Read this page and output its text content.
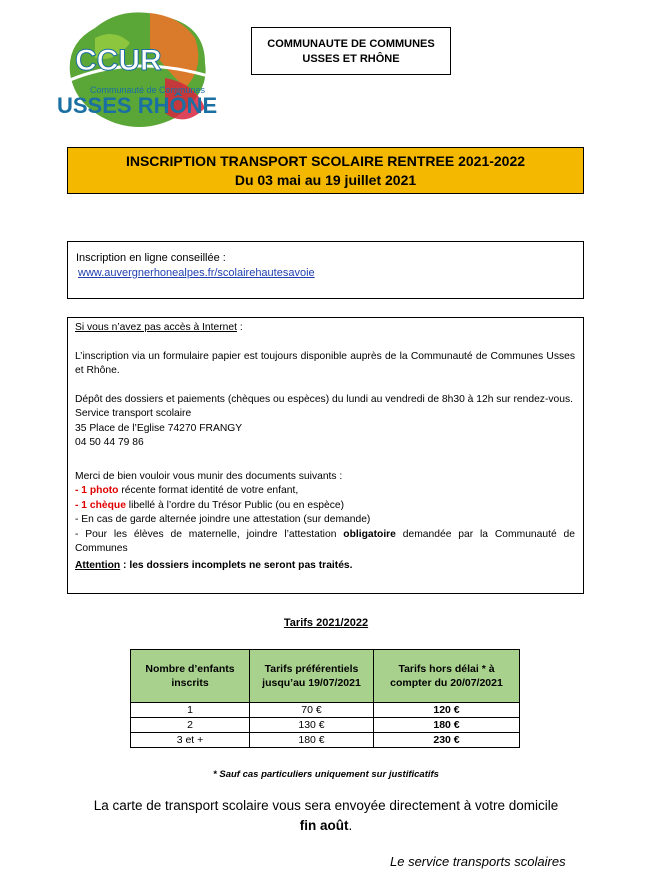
CCUR
Communauté de Communes
USSES RHÔNE
COMMUNAUTE DE COMMUNES
USSES ET RHÔNE
INSCRIPTION TRANSPORT SCOLAIRE RENTREE 2021-2022
Du 03 mai au 19 juillet 2021
Inscription en ligne conseillée :
www.auvergnerhonealpes.fr/scolairehautesavoie

Si vous n’avez pas accès à Internet :

L’inscription via un formulaire papier est toujours disponible auprès de la Communauté de Communes Usses et Rhône.

Dépôt des dossiers et paiements (chèques ou espèces) du lundi au vendredi de 8h30 à 12h sur rendez-vous.

Service transport scolaire

35 Place de l’Eglise 74270 FRANGY

04 50 44 79 86

Merci de bien vouloir vous munir des documents suivants :

- 1 photo récente format identité de votre enfant,

- 1 chèque libellé à l’ordre du Trésor Public (ou en espèce)

- En cas de garde alternée joindre une attestation (sur demande)

- Pour les élèves de maternelle, joindre l’attestation obligatoire demandée par la Communauté de Communes

Attention : les dossiers incomplets ne seront pas traités.

Tarifs 2021/2022
Nombre d’enfants inscrits	Tarifs préférentiels jusqu’au 19/07/2021	Tarifs hors délai * à compter du 20/07/2021
1	70 €	120 €
2	130 €	180 €
3 et +	180 €	230 €
* Sauf cas particuliers uniquement sur justificatifs
La carte de transport scolaire vous sera envoyée directement à votre domicile
fin août.
Le service transports scolaires
